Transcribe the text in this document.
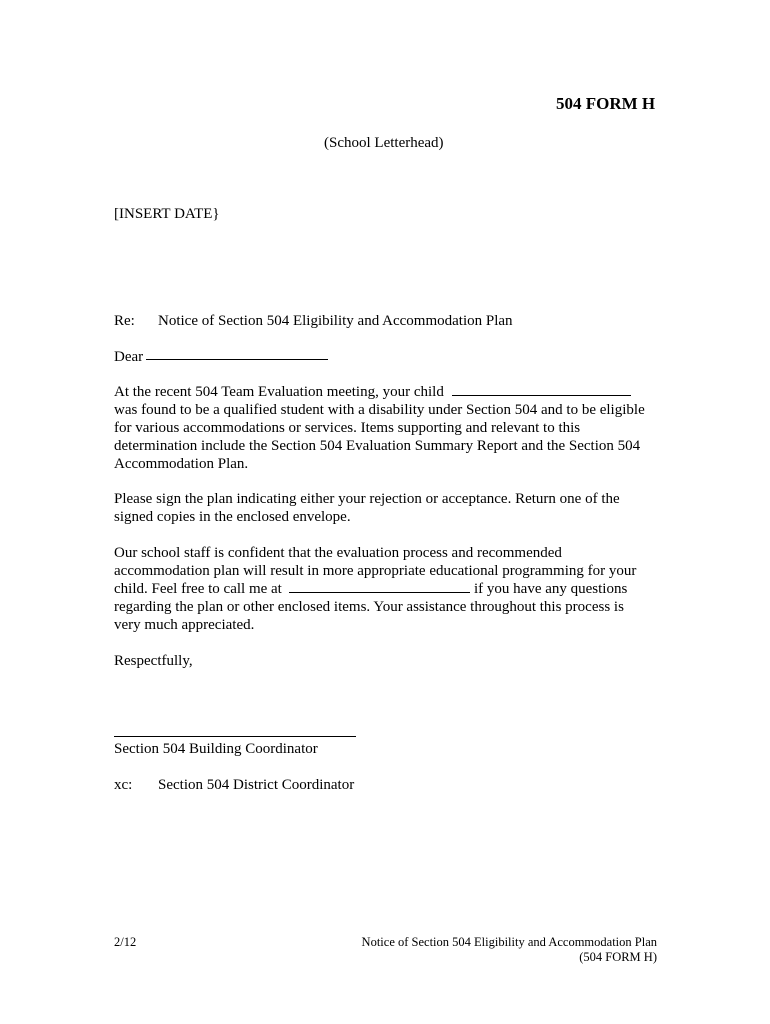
504 FORM H
(School Letterhead)
[INSERT DATE}
Re: Notice of Section 504 Eligibility and Accommodation Plan
Dear
At the recent 504 Team Evaluation meeting, your child
was found to be a qualified student with a disability under Section 504 and to be eligible
for various accommodations or services. Items supporting and relevant to this
determination include the Section 504 Evaluation Summary Report and the Section 504
Accommodation Plan.
Please sign the plan indicating either your rejection or acceptance. Return one of the
signed copies in the enclosed envelope.
Our school staff is confident that the evaluation process and recommended
accommodation plan will result in more appropriate educational programming for your
child. Feel free to call me at	if you have any questions
regarding the plan or other enclosed items. Your assistance throughout this process is
very much appreciated.
Respectfully,
Section 504 Building Coordinator
xc: Section 504 District Coordinator
2/12	Notice of Section 504 Eligibility and Accommodation Plan
(504 FORM H)
